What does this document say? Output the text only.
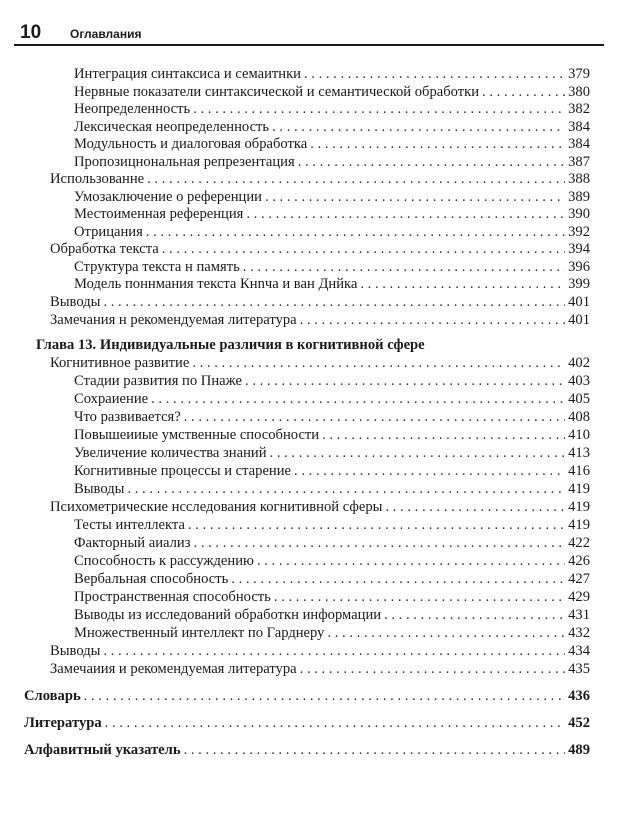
10 Оглавлания
Интеграция синтаксиса и семаитнки . . .	379
Нервные показатели синтаксической и семантической обработки . . .	380
Неопределенность . . .	382
Лексическая неопределенность . . .	384
Модульность и диалоговая обработка . . .	384
Пропозицнональная репрезентация . . .	387
Использованне . . .	388
Умозаключение о референции . . .	389
Местоименная референция . . .	390
Отрицания . . .	392
Обработка текста . . .	394
Структура текста н память . . .	396
Модель поннмания текста Кнnча и ван Днйка . . .	399
Выводы . . .	401
Замечания н рекомендуемая литература . . .	401
Глава 13. Индивидуальные различия в когнитивной сфере
Когнитивное развитие . . .	402
Стадии развития по Пнаже . . .	403
Сохраиение . . .	405
Что развивается? . . .	408
Повышеииые умственные способности . . .	410
Увеличение количества знаний . . .	413
Когнитивные процессы и старение . . .	416
Выводы . . .	419
Психометрические нсследования когнитивной сферы . . .	419
Тесты интеллекта . . .	419
Факторный аиализ . . .	422
Способность к рассуждению . . .	426
Вербальная способность . . .	427
Пространственная способность . . .	429
Выводы из исследований обработкн информации . . .	431
Множественный интеллект по Гарднеру . . .	432
Выводы . . .	434
Замечаиия и рекомендуемая литература . . .	435
Словарь . . .	436
Литература . . .	452
Алфавитный указатель . . .	489
